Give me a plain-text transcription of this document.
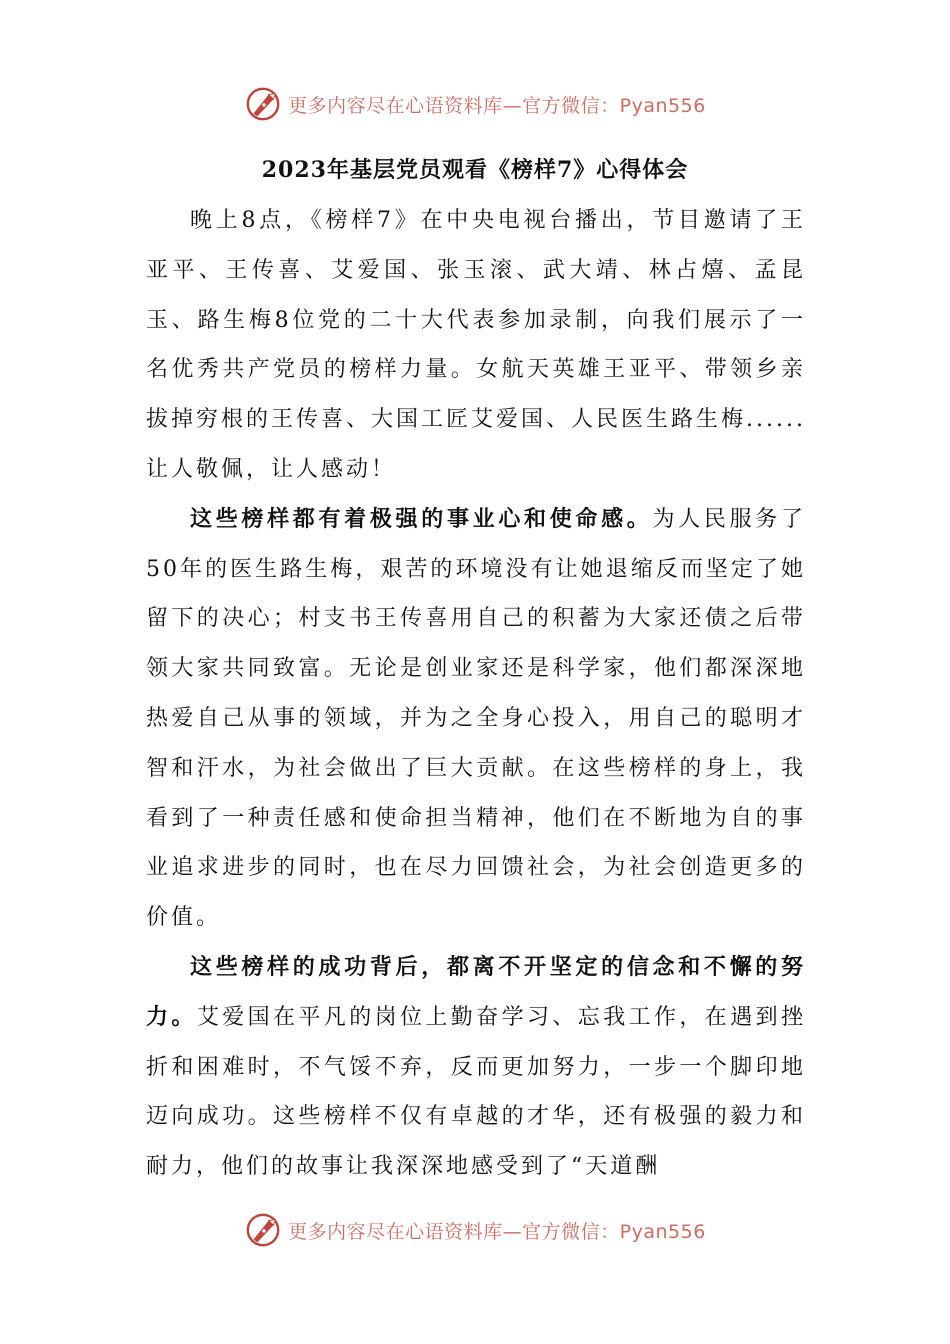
更多内容尽在心语资料库—官方微信：Pyan556
2023年基层党员观看《榜样7》心得体会

晚上8点，《榜样7》在中央电视台播出，节目邀请了王亚平、王传喜、艾爱国、张玉滚、武大靖、林占熺、孟昆玉、路生梅8位党的二十大代表参加录制，向我们展示了一名优秀共产党员的榜样力量。女航天英雄王亚平、带领乡亲拔掉穷根的王传喜、大国工匠艾爱国、人民医生路生梅......让人敬佩，让人感动！

这些榜样都有着极强的事业心和使命感。为人民服务了50年的医生路生梅，艰苦的环境没有让她退缩反而坚定了她留下的决心；村支书王传喜用自己的积蓄为大家还债之后带领大家共同致富。无论是创业家还是科学家，他们都深深地热爱自己从事的领域，并为之全身心投入，用自己的聪明才智和汗水，为社会做出了巨大贡献。在这些榜样的身上，我看到了一种责任感和使命担当精神，他们在不断地为自的事业追求进步的同时，也在尽力回馈社会，为社会创造更多的价值。

这些榜样的成功背后，都离不开坚定的信念和不懈的努力。艾爱国在平凡的岗位上勤奋学习、忘我工作，在遇到挫折和困难时，不气馁不弃，反而更加努力，一步一个脚印地迈向成功。这些榜样不仅有卓越的才华，还有极强的毅力和耐力，他们的故事让我深深地感受到了“天道酬

更多内容尽在心语资料库—官方微信：Pyan556
